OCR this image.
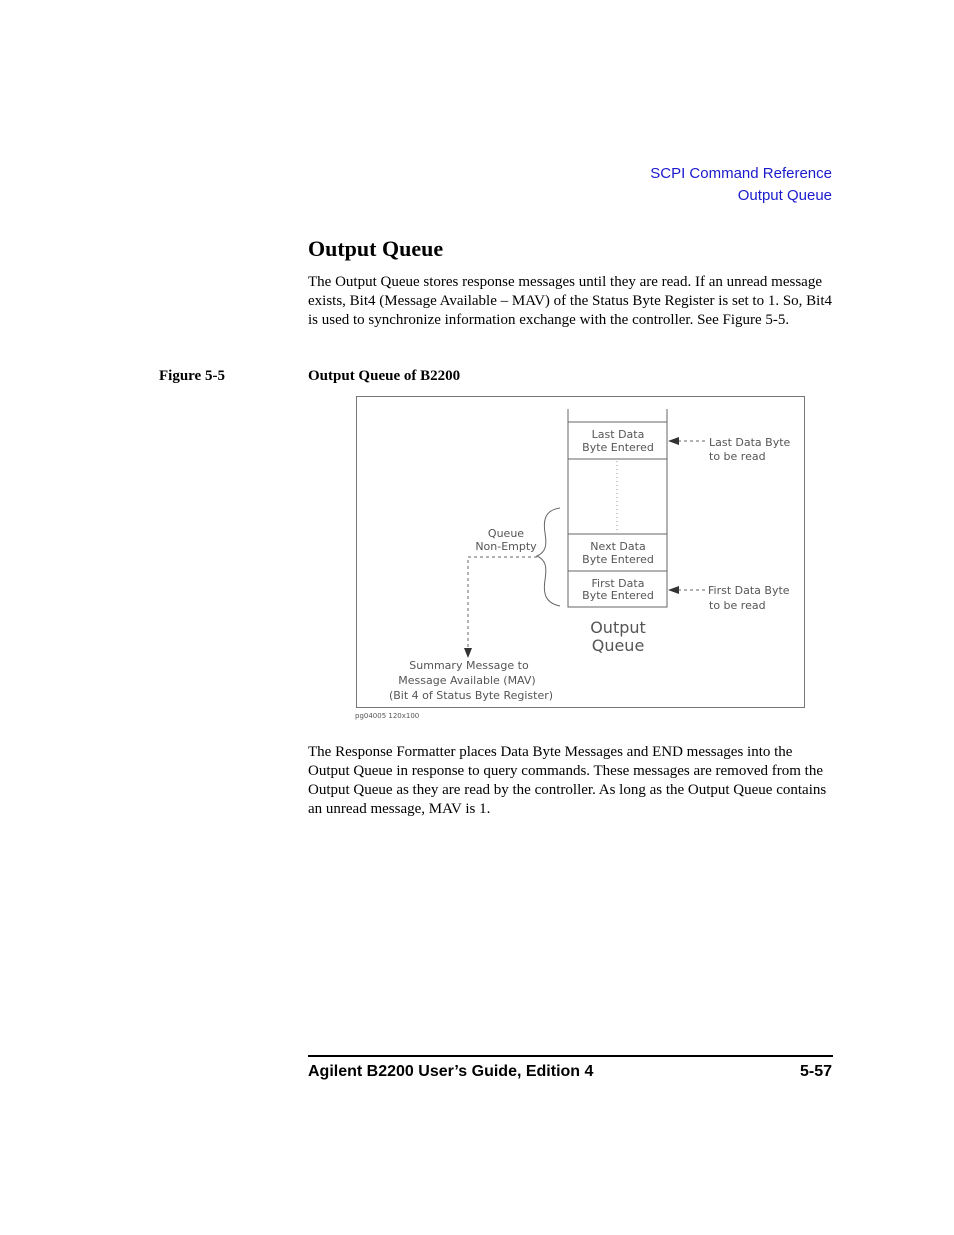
SCPI Command Reference
Output Queue
Output Queue

The Output Queue stores response messages until they are read. If an unread message exists, Bit4 (Message Available – MAV) of the Status Byte Register is set to 1. So, Bit4 is used to synchronize information exchange with the controller. See Figure 5-5.

Figure 5-5	Output Queue of B2200
Last Data
Byte Entered
Next Data
Byte Entered
First Data
Byte Entered
Output
Queue
Queue
Non-Empty
Summary Message to
Message Available (MAV)
(Bit 4 of Status Byte Register)
Last Data Byte
to be read
First Data Byte
to be read
pg04005 120x100

The Response Formatter places Data Byte Messages and END messages into the Output Queue in response to query commands. These messages are removed from the Output Queue as they are read by the controller. As long as the Output Queue contains an unread message, MAV is 1.

Agilent B2200 User’s Guide, Edition 4	5-57
